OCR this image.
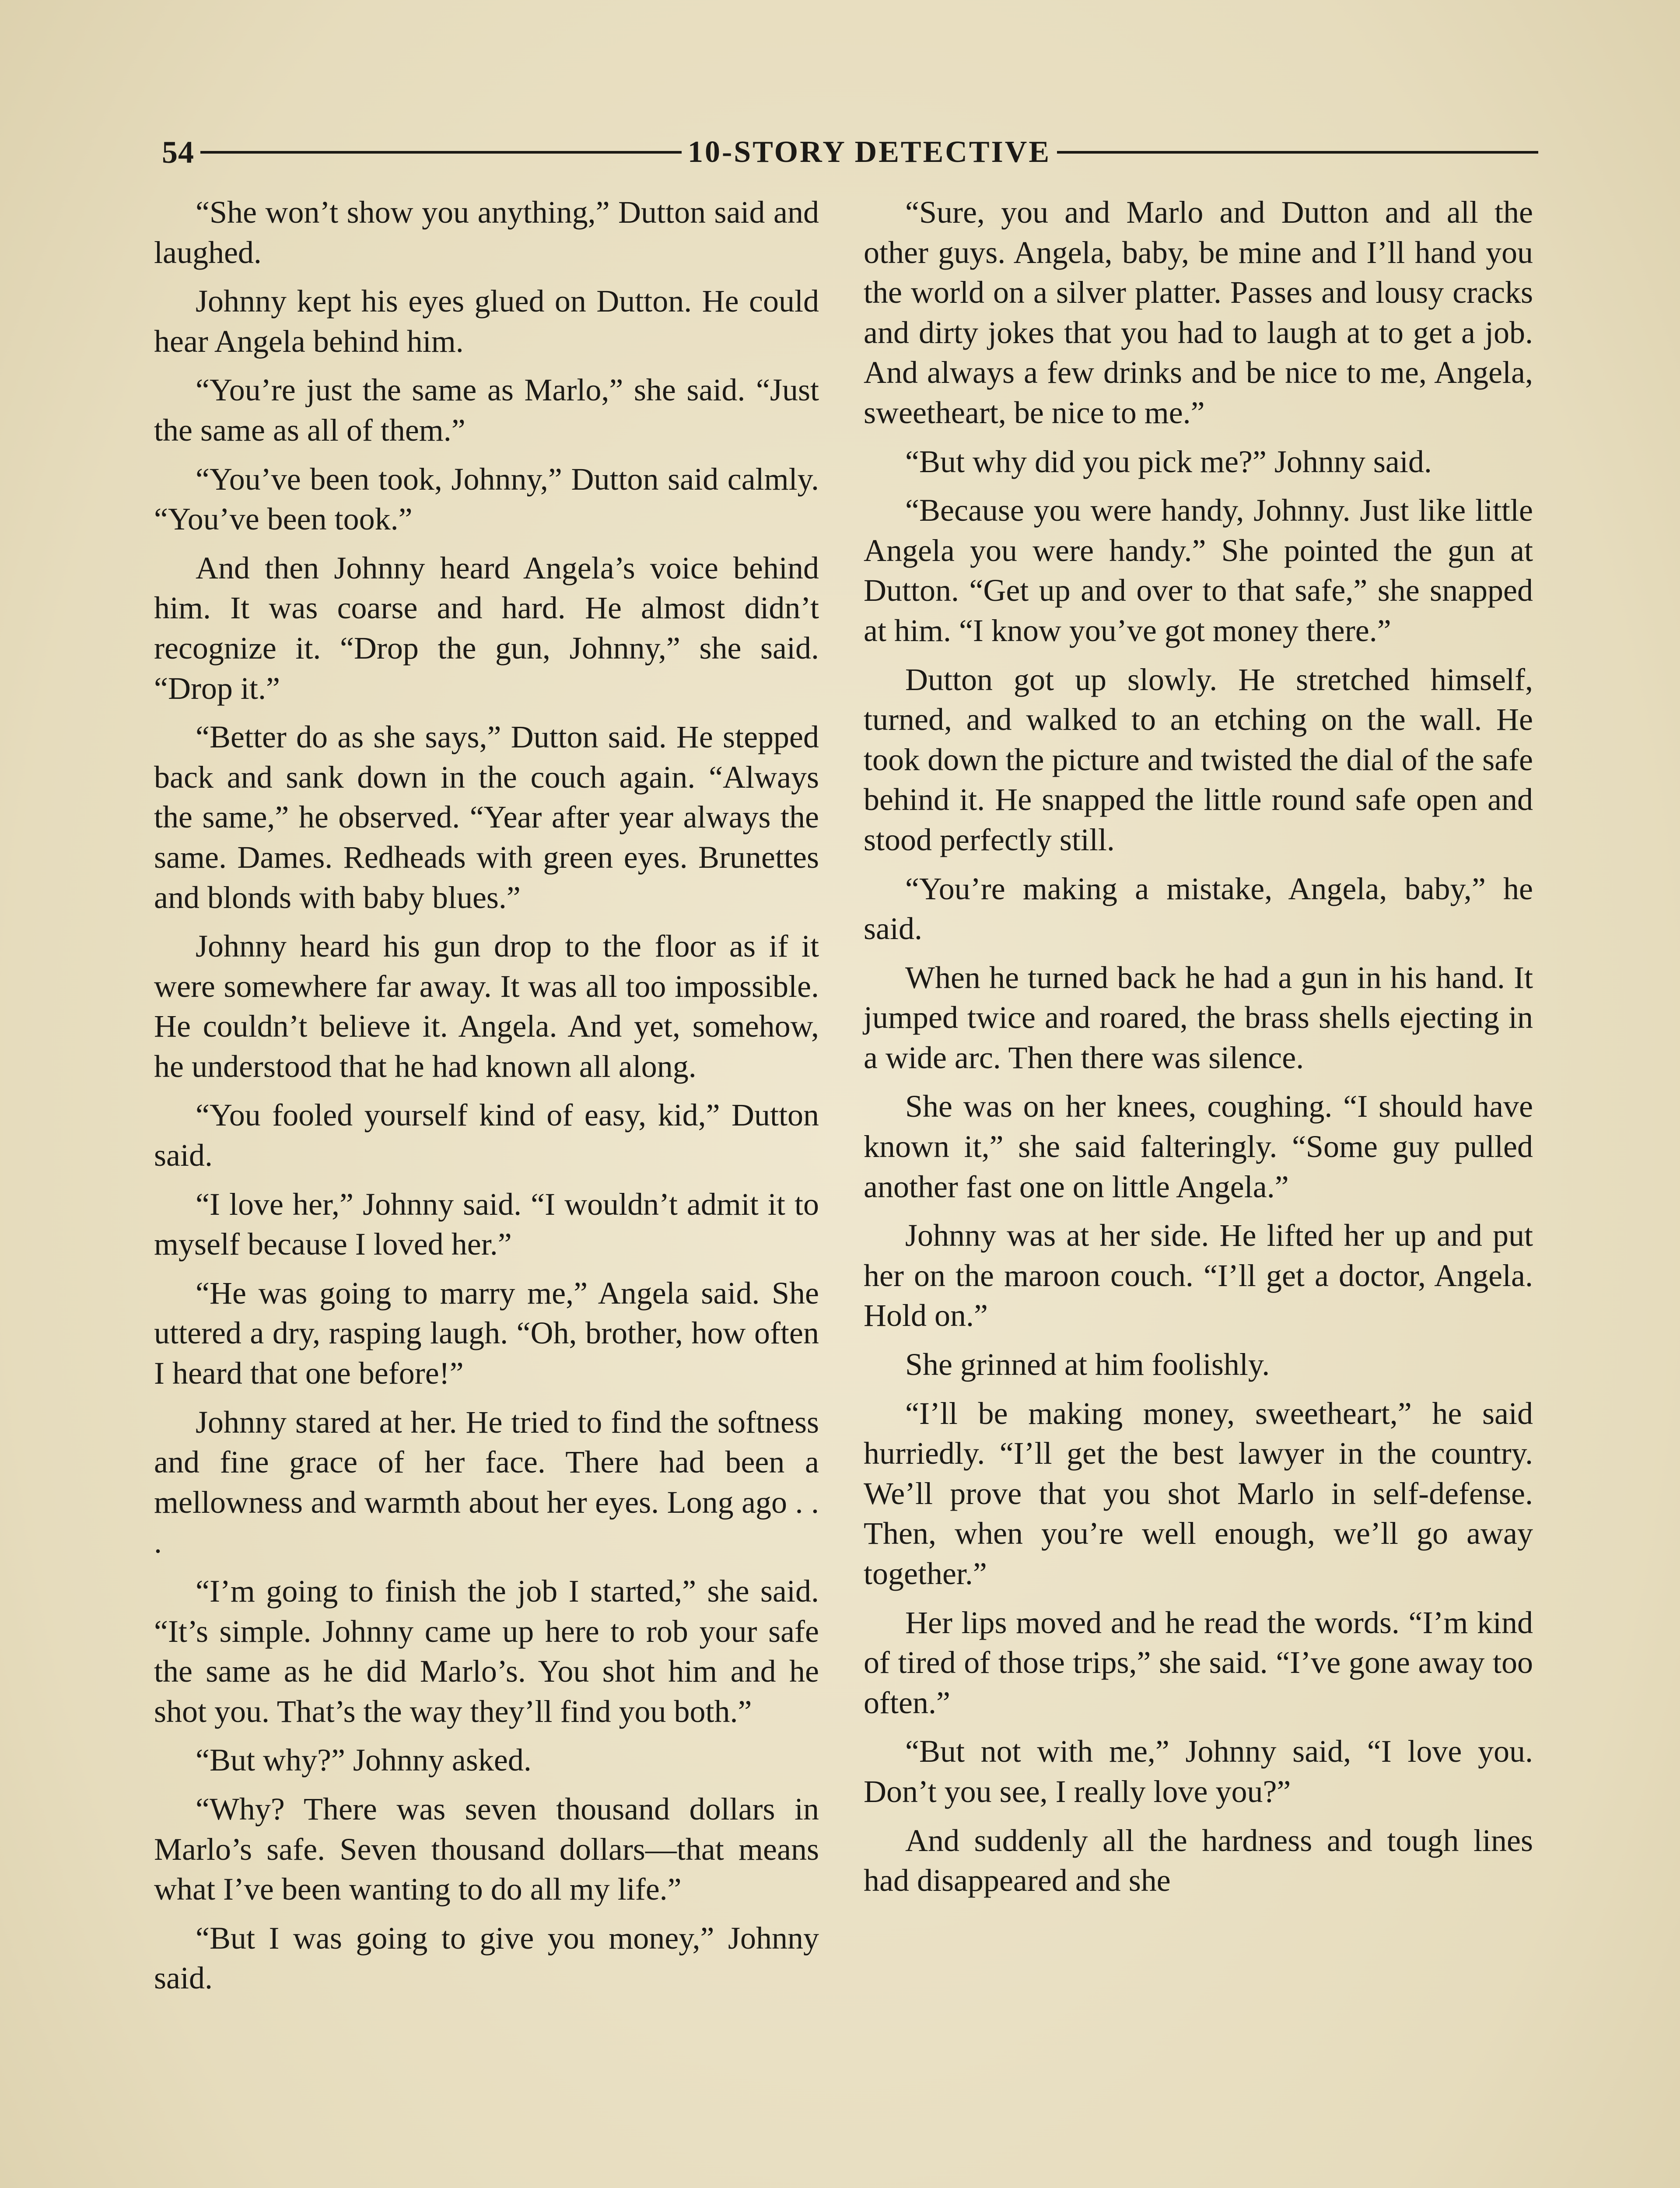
54	10-STORY DETECTIVE

“She won’t show you anything,” Dutton said and laughed.

Johnny kept his eyes glued on Dutton. He could hear Angela behind him.

“You’re just the same as Marlo,” she said. “Just the same as all of them.”

“You’ve been took, Johnny,” Dutton said calmly. “You’ve been took.”

And then Johnny heard Angela’s voice behind him. It was coarse and hard. He almost didn’t recognize it. “Drop the gun, Johnny,” she said. “Drop it.”

“Better do as she says,” Dutton said. He stepped back and sank down in the couch again. “Always the same,” he observed. “Year after year always the same. Dames. Redheads with green eyes. Brunettes and blonds with baby blues.”

Johnny heard his gun drop to the floor as if it were somewhere far away. It was all too impossible. He couldn’t believe it. Angela. And yet, somehow, he understood that he had known all along.

“You fooled yourself kind of easy, kid,” Dutton said.

“I love her,” Johnny said. “I wouldn’t admit it to myself because I loved her.”

“He was going to marry me,” Angela said. She uttered a dry, rasping laugh. “Oh, brother, how often I heard that one before!”

Johnny stared at her. He tried to find the softness and fine grace of her face. There had been a mellowness and warmth about her eyes. Long ago . . .

“I’m going to finish the job I started,” she said. “It’s simple. Johnny came up here to rob your safe the same as he did Marlo’s. You shot him and he shot you. That’s the way they’ll find you both.”

“But why?” Johnny asked.

“Why? There was seven thousand dollars in Marlo’s safe. Seven thousand dollars—that means what I’ve been wanting to do all my life.”

“But I was going to give you money,” Johnny said.

“Sure, you and Marlo and Dutton and all the other guys. Angela, baby, be mine and I’ll hand you the world on a silver platter. Passes and lousy cracks and dirty jokes that you had to laugh at to get a job. And always a few drinks and be nice to me, Angela, sweetheart, be nice to me.”

“But why did you pick me?” Johnny said.

“Because you were handy, Johnny. Just like little Angela you were handy.” She pointed the gun at Dutton. “Get up and over to that safe,” she snapped at him. “I know you’ve got money there.”

Dutton got up slowly. He stretched himself, turned, and walked to an etching on the wall. He took down the picture and twisted the dial of the safe behind it. He snapped the little round safe open and stood perfectly still.

“You’re making a mistake, Angela, baby,” he said.

When he turned back he had a gun in his hand. It jumped twice and roared, the brass shells ejecting in a wide arc. Then there was silence.

She was on her knees, coughing. “I should have known it,” she said falteringly. “Some guy pulled another fast one on little Angela.”

Johnny was at her side. He lifted her up and put her on the maroon couch. “I’ll get a doctor, Angela. Hold on.”

She grinned at him foolishly.

“I’ll be making money, sweetheart,” he said hurriedly. “I’ll get the best lawyer in the country. We’ll prove that you shot Marlo in self-defense. Then, when you’re well enough, we’ll go away together.”

Her lips moved and he read the words. “I’m kind of tired of those trips,” she said. “I’ve gone away too often.”

“But not with me,” Johnny said, “I love you. Don’t you see, I really love you?”

And suddenly all the hardness and tough lines had disappeared and she
